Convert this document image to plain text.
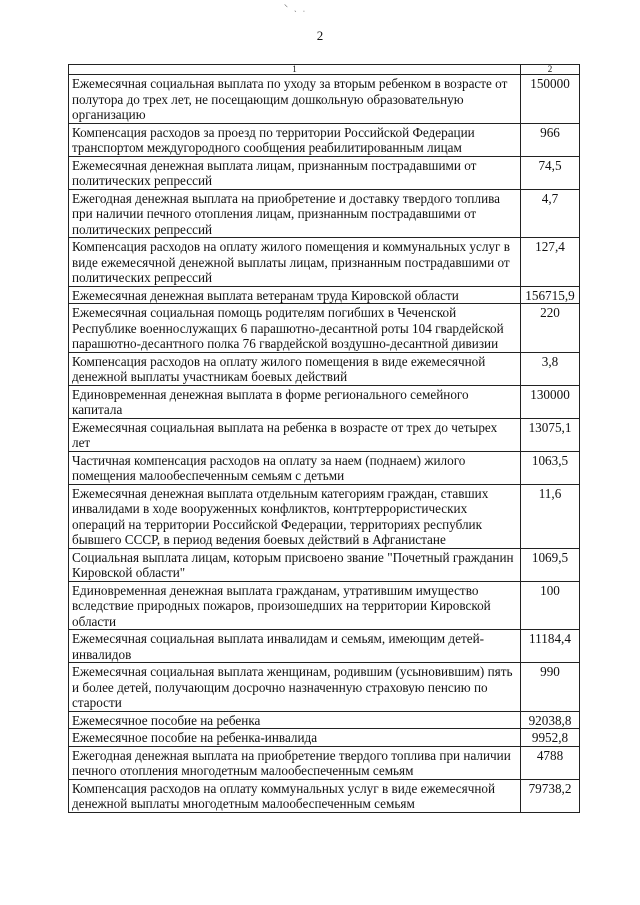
⸌ ˎ ˌ
2
1	2
Ежемесячная социальная выплата по уходу за вторым ребенком в возрасте от полутора до трех лет, не посещающим дошкольную образовательную организацию	150000
Компенсация расходов за проезд по территории Российской Федерации транспортом междугородного сообщения реабилитированным лицам	966
Ежемесячная денежная выплата лицам, признанным пострадавшими от политических репрессий	74,5
Ежегодная денежная выплата на приобретение и доставку твердого топлива при наличии печного отопления лицам, признанным пострадавшими от политических репрессий	4,7
Компенсация расходов на оплату жилого помещения и коммунальных услуг в виде ежемесячной денежной выплаты лицам, признанным пострадавшими от политических репрессий	127,4
Ежемесячная денежная выплата ветеранам труда Кировской области	156715,9
Ежемесячная социальная помощь родителям погибших в Чеченской Республике военнослужащих 6 парашютно-десантной роты 104 гвардейской парашютно-десантного полка 76 гвардейской воздушно-десантной дивизии	220
Компенсация расходов на оплату жилого помещения в виде ежемесячной денежной выплаты участникам боевых действий	3,8
Единовременная денежная выплата в форме регионального семейного капитала	130000
Ежемесячная социальная выплата на ребенка в возрасте от трех до четырех лет	13075,1
Частичная компенсация расходов на оплату за наем (поднаем) жилого помещения малообеспеченным семьям с детьми	1063,5
Ежемесячная денежная выплата отдельным категориям граждан, ставших инвалидами в ходе вооруженных конфликтов, контртеррористических операций на территории Российской Федерации, территориях республик бывшего СССР, в период ведения боевых действий в Афганистане	11,6
Социальная выплата лицам, которым присвоено звание "Почетный гражданин Кировской области"	1069,5
Единовременная денежная выплата гражданам, утратившим имущество вследствие природных пожаров, произошедших на территории Кировской области	100
Ежемесячная социальная выплата инвалидам и семьям, имеющим детей-инвалидов	11184,4
Ежемесячная социальная выплата женщинам, родившим (усыновившим) пять и более детей, получающим досрочно назначенную страховую пенсию по старости	990
Ежемесячное пособие на ребенка	92038,8
Ежемесячное пособие на ребенка-инвалида	9952,8
Ежегодная денежная выплата на приобретение твердого топлива при наличии печного отопления многодетным малообеспеченным семьям	4788
Компенсация расходов на оплату коммунальных услуг в виде ежемесячной денежной выплаты многодетным малообеспеченным семьям	79738,2
